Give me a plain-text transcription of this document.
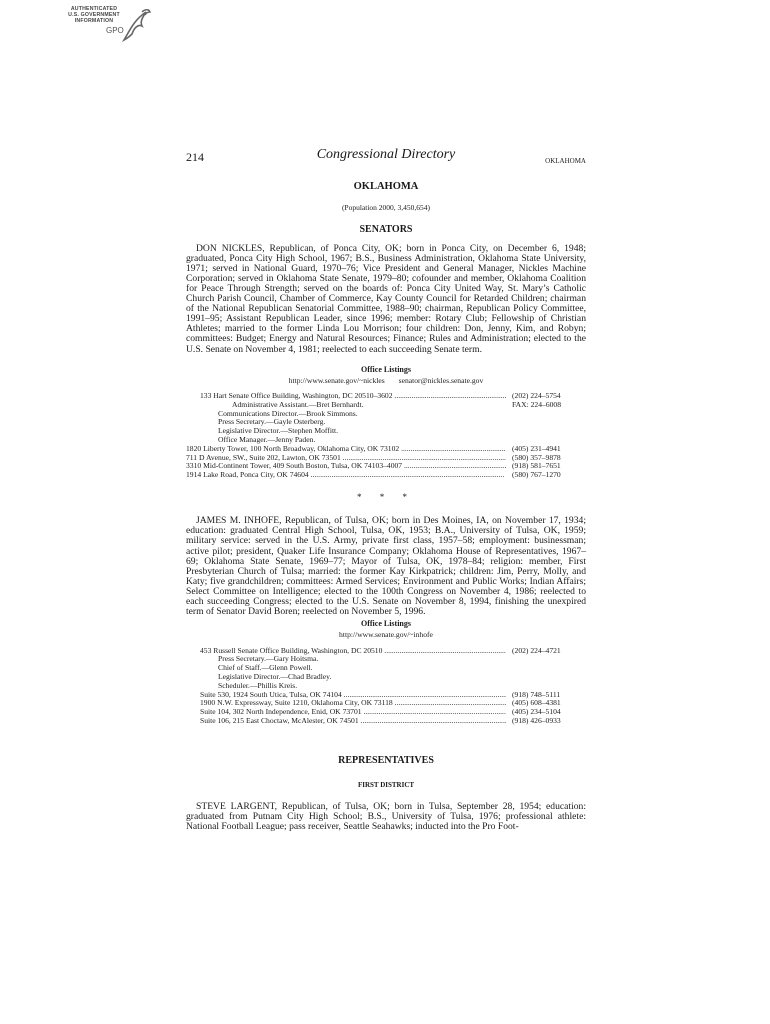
AUTHENTICATED
U.S. GOVERNMENT
INFORMATION
GPO
214	Congressional Directory	OKLAHOMA
OKLAHOMA
(Population 2000, 3,450,654)
SENATORS

DON NICKLES, Republican, of Ponca City, OK; born in Ponca City, on December 6, 1948; graduated, Ponca City High School, 1967; B.S., Business Administration, Oklahoma State University, 1971; served in National Guard, 1970–76; Vice President and General Manager, Nickles Machine Corporation; served in Oklahoma State Senate, 1979–80; cofounder and member, Oklahoma Coalition for Peace Through Strength; served on the boards of: Ponca City United Way, St. Mary’s Catholic Church Parish Council, Chamber of Commerce, Kay County Council for Retarded Children; chairman of the National Republican Senatorial Committee, 1988–90; chairman, Republican Policy Committee, 1991–95; Assistant Republican Leader, since 1996; member: Rotary Club; Fellowship of Christian Athletes; married to the former Linda Lou Morrison; four children: Don, Jenny, Kim, and Robyn; committees: Budget; Energy and Natural Resources; Finance; Rules and Administration; elected to the U.S. Senate on November 4, 1981; reelected to each succeeding Senate term.

Office Listings
http://www.senate.gov/~nickles senator@nickles.senate.gov
133 Hart Senate Office Building, Washington, DC 20510–3602 .....	(202) 224–5754
Administrative Assistant.—Bret Bernhardt.	FAX: 224–6008
Communications Director.—Brook Simmons.
Press Secretary.—Gayle Osterberg.
Legislative Director.—Stephen Moffitt.
Office Manager.—Jenny Paden.
1820 Liberty Tower, 100 North Broadway, Oklahoma City, OK 73102 .....	(405) 231–4941
711 D Avenue, SW., Suite 202, Lawton, OK 73501 .....	(580) 357–9878
3310 Mid-Continent Tower, 409 South Boston, Tulsa, OK 74103–4007 .....	(918) 581–7651
1914 Lake Road, Ponca City, OK 74604 .....	(580) 767–1270
* * *

JAMES M. INHOFE, Republican, of Tulsa, OK; born in Des Moines, IA, on November 17, 1934; education: graduated Central High School, Tulsa, OK, 1953; B.A., University of Tulsa, OK, 1959; military service: served in the U.S. Army, private first class, 1957–58; employment: businessman; active pilot; president, Quaker Life Insurance Company; Oklahoma House of Representatives, 1967–69; Oklahoma State Senate, 1969–77; Mayor of Tulsa, OK, 1978–84; religion: member, First Presbyterian Church of Tulsa; married: the former Kay Kirkpatrick; children: Jim, Perry, Molly, and Katy; five grandchildren; committees: Armed Services; Environment and Public Works; Indian Affairs; Select Committee on Intelligence; elected to the 100th Congress on November 4, 1986; reelected to each succeeding Congress; elected to the U.S. Senate on November 8, 1994, finishing the unexpired term of Senator David Boren; reelected on November 5, 1996.

Office Listings
http://www.senate.gov/~inhofe
453 Russell Senate Office Building, Washington, DC 20510 .....	(202) 224–4721
Press Secretary.—Gary Hoitsma.
Chief of Staff.—Glenn Powell.
Legislative Director.—Chad Bradley.
Scheduler.—Phillis Kreis.
Suite 530, 1924 South Utica, Tulsa, OK 74104 .....	(918) 748–5111
1900 N.W. Expressway, Suite 1210, Oklahoma City, OK 73118 .....	(405) 608–4381
Suite 104, 302 North Independence, Enid, OK 73701 .....	(405) 234–5104
Suite 106, 215 East Choctaw, McAlester, OK 74501 .....	(918) 426–0933
REPRESENTATIVES
FIRST DISTRICT

STEVE LARGENT, Republican, of Tulsa, OK; born in Tulsa, September 28, 1954; education: graduated from Putnam City High School; B.S., University of Tulsa, 1976; professional athlete: National Football League; pass receiver, Seattle Seahawks; inducted into the Pro Foot-
